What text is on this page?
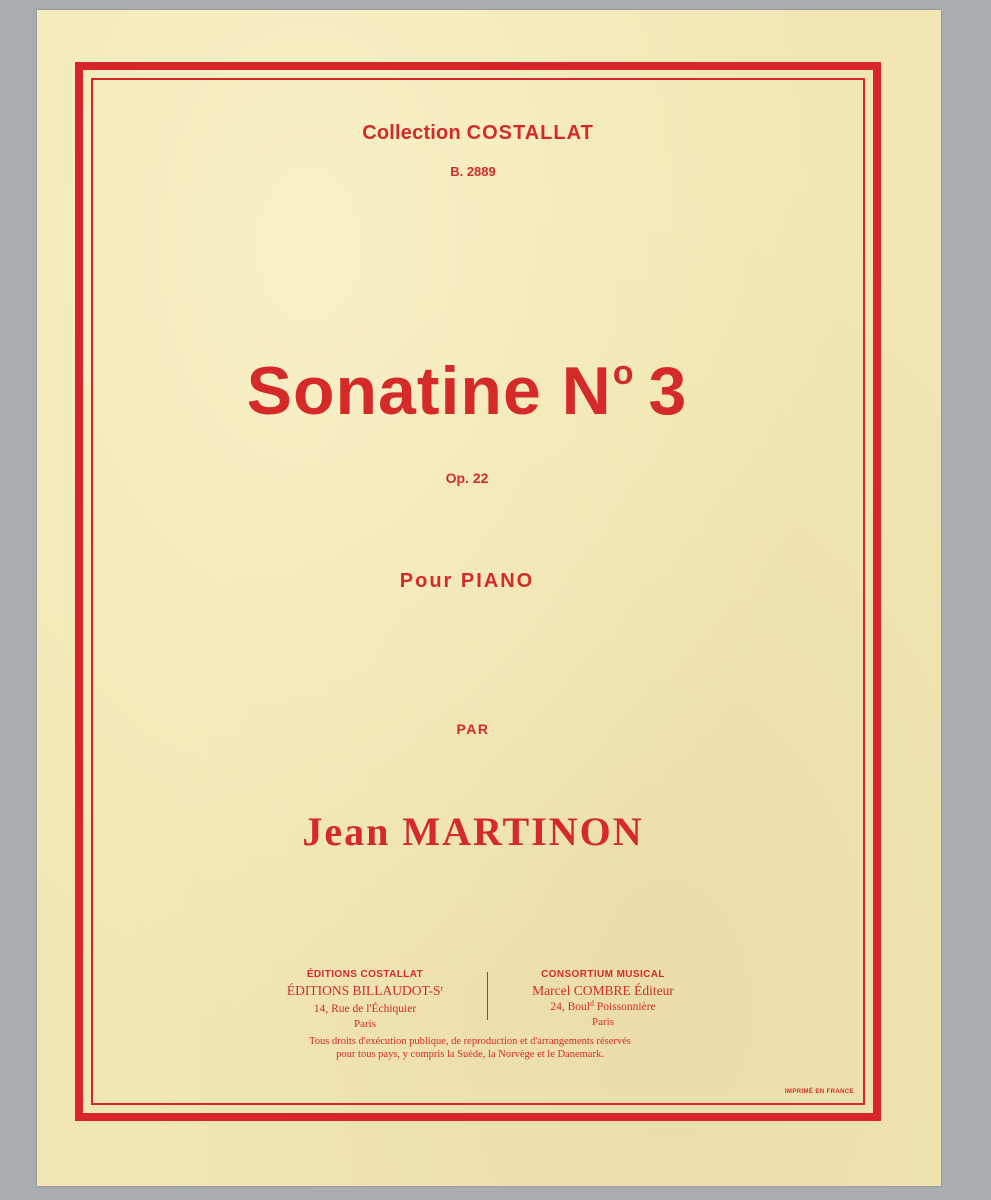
Collection COSTALLAT
B. 2889
Sonatine $N^o$ 3
Op. 22
Pour PIANO
PAR
Jean MARTINON
ÉDITIONS COSTALLAT
ÉDITIONS BILLAUDOT-$S^r$
14, Rue de l'Échiquier
Paris
CONSORTIUM MUSICAL
Marcel COMBRE Éditeur
24, Boul$^d$ Poissonnière
Paris
Tous droits d'exécution publique, de reproduction et d'arrangements réservés
pour tous pays, y compris la Suède, la Norvège et le Danemark.
IMPRIMÉ EN FRANCE
